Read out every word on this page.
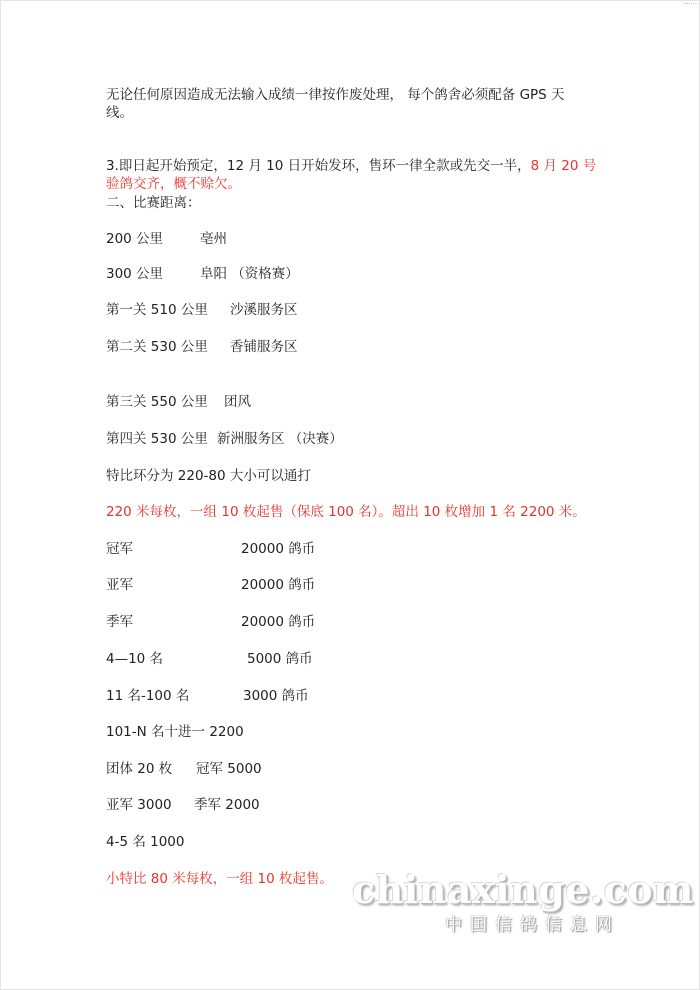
无论任何原因造成无法输入成绩一律按作废处理， 每个鸽舍必须配备 GPS 天
线。
3.即日起开始预定，12 月 10 日开始发环，售环一律全款或先交一半，8 月 20 号
验鸽交齐，概不赊欠。
二、比赛距离：
200 公里	亳州
300 公里	阜阳 （资格赛）
第一关 510 公里 沙溪服务区
第二关 530 公里 香铺服务区
第三关 550 公里 团风
第四关 530 公里 新洲服务区 （决赛）
特比环分为 220-80 大小可以通打
220 米每枚，一组 10 枚起售（保底 100 名）。超出 10 枚增加 1 名 2200 米。
冠军	20000 鸽币
亚军	20000 鸽币
季军	20000 鸽币
4—10 名	5000 鸽币
11 名-100 名	3000 鸽币
101-N 名十进一 2200
团体 20 枚 冠军 5000
亚军 3000 季军 2000
4-5 名 1000
小特比 80 米每枚，一组 10 枚起售。 chinaxinge.com
中国信鸽信息网
